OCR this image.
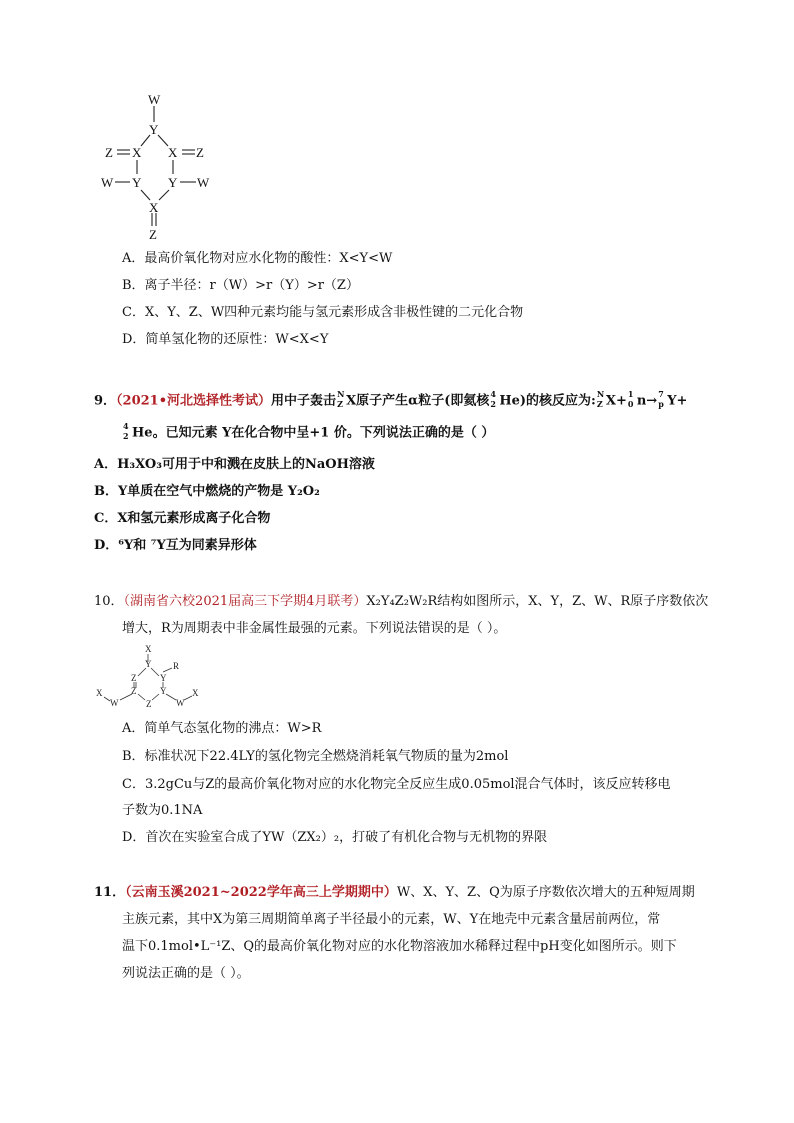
W
Y
X X
Z	Z
W Y Y W
X
Z
A．最高价氧化物对应水化物的酸性：X<Y<W
B．离子半径：r（W）>r（Y）>r（Z）
C．X、Y、Z、W四种元素均能与氢元素形成含非极性键的二元化合物
D．简单氢化物的还原性：W<X<Y
9．（2021•河北选择性考试）用中子轰击 N
Z X原子产生α粒子(即氦核 4
2 He)的核反应为: N
Z X+ 1
0 n→ 7
p Y+
4
2 He。已知元素 Y在化合物中呈+1 价。下列说法正确的是（ ）
A．H₃XO₃可用于中和溅在皮肤上的NaOH溶液
B．Y单质在空气中燃烧的产物是 Y₂O₂
C．X和氢元素形成离子化合物
D．⁶Y和 ⁷Y互为同素异形体
10．（湖南省六校2021届高三下学期4月联考）X₂Y₄Z₂W₂R结构如图所示，X、Y，Z、W、R原子序数依次
增大，R为周期表中非金属性最强的元素。下列说法错误的是（ ）。
X
Y
Y
R
Z
Z	Y
Z
X
W	W
X
A．简单气态氢化物的沸点：W>R
B．标准状况下22.4LY的氢化物完全燃烧消耗氧气物质的量为2mol
C．3.2gCu与Z的最高价氧化物对应的水化物完全反应生成0.05mol混合气体时，该反应转移电
子数为0.1NA
D．首次在实验室合成了YW（ZX₂）₂，打破了有机化合物与无机物的界限
11．（云南玉溪2021~2022学年高三上学期期中）W、X、Y、Z、Q为原子序数依次增大的五种短周期
主族元素，其中X为第三周期简单离子半径最小的元素，W、Y在地壳中元素含量居前两位，常
温下0.1mol•L⁻¹Z、Q的最高价氧化物对应的水化物溶液加水稀释过程中pH变化如图所示。则下
列说法正确的是（ ）。
